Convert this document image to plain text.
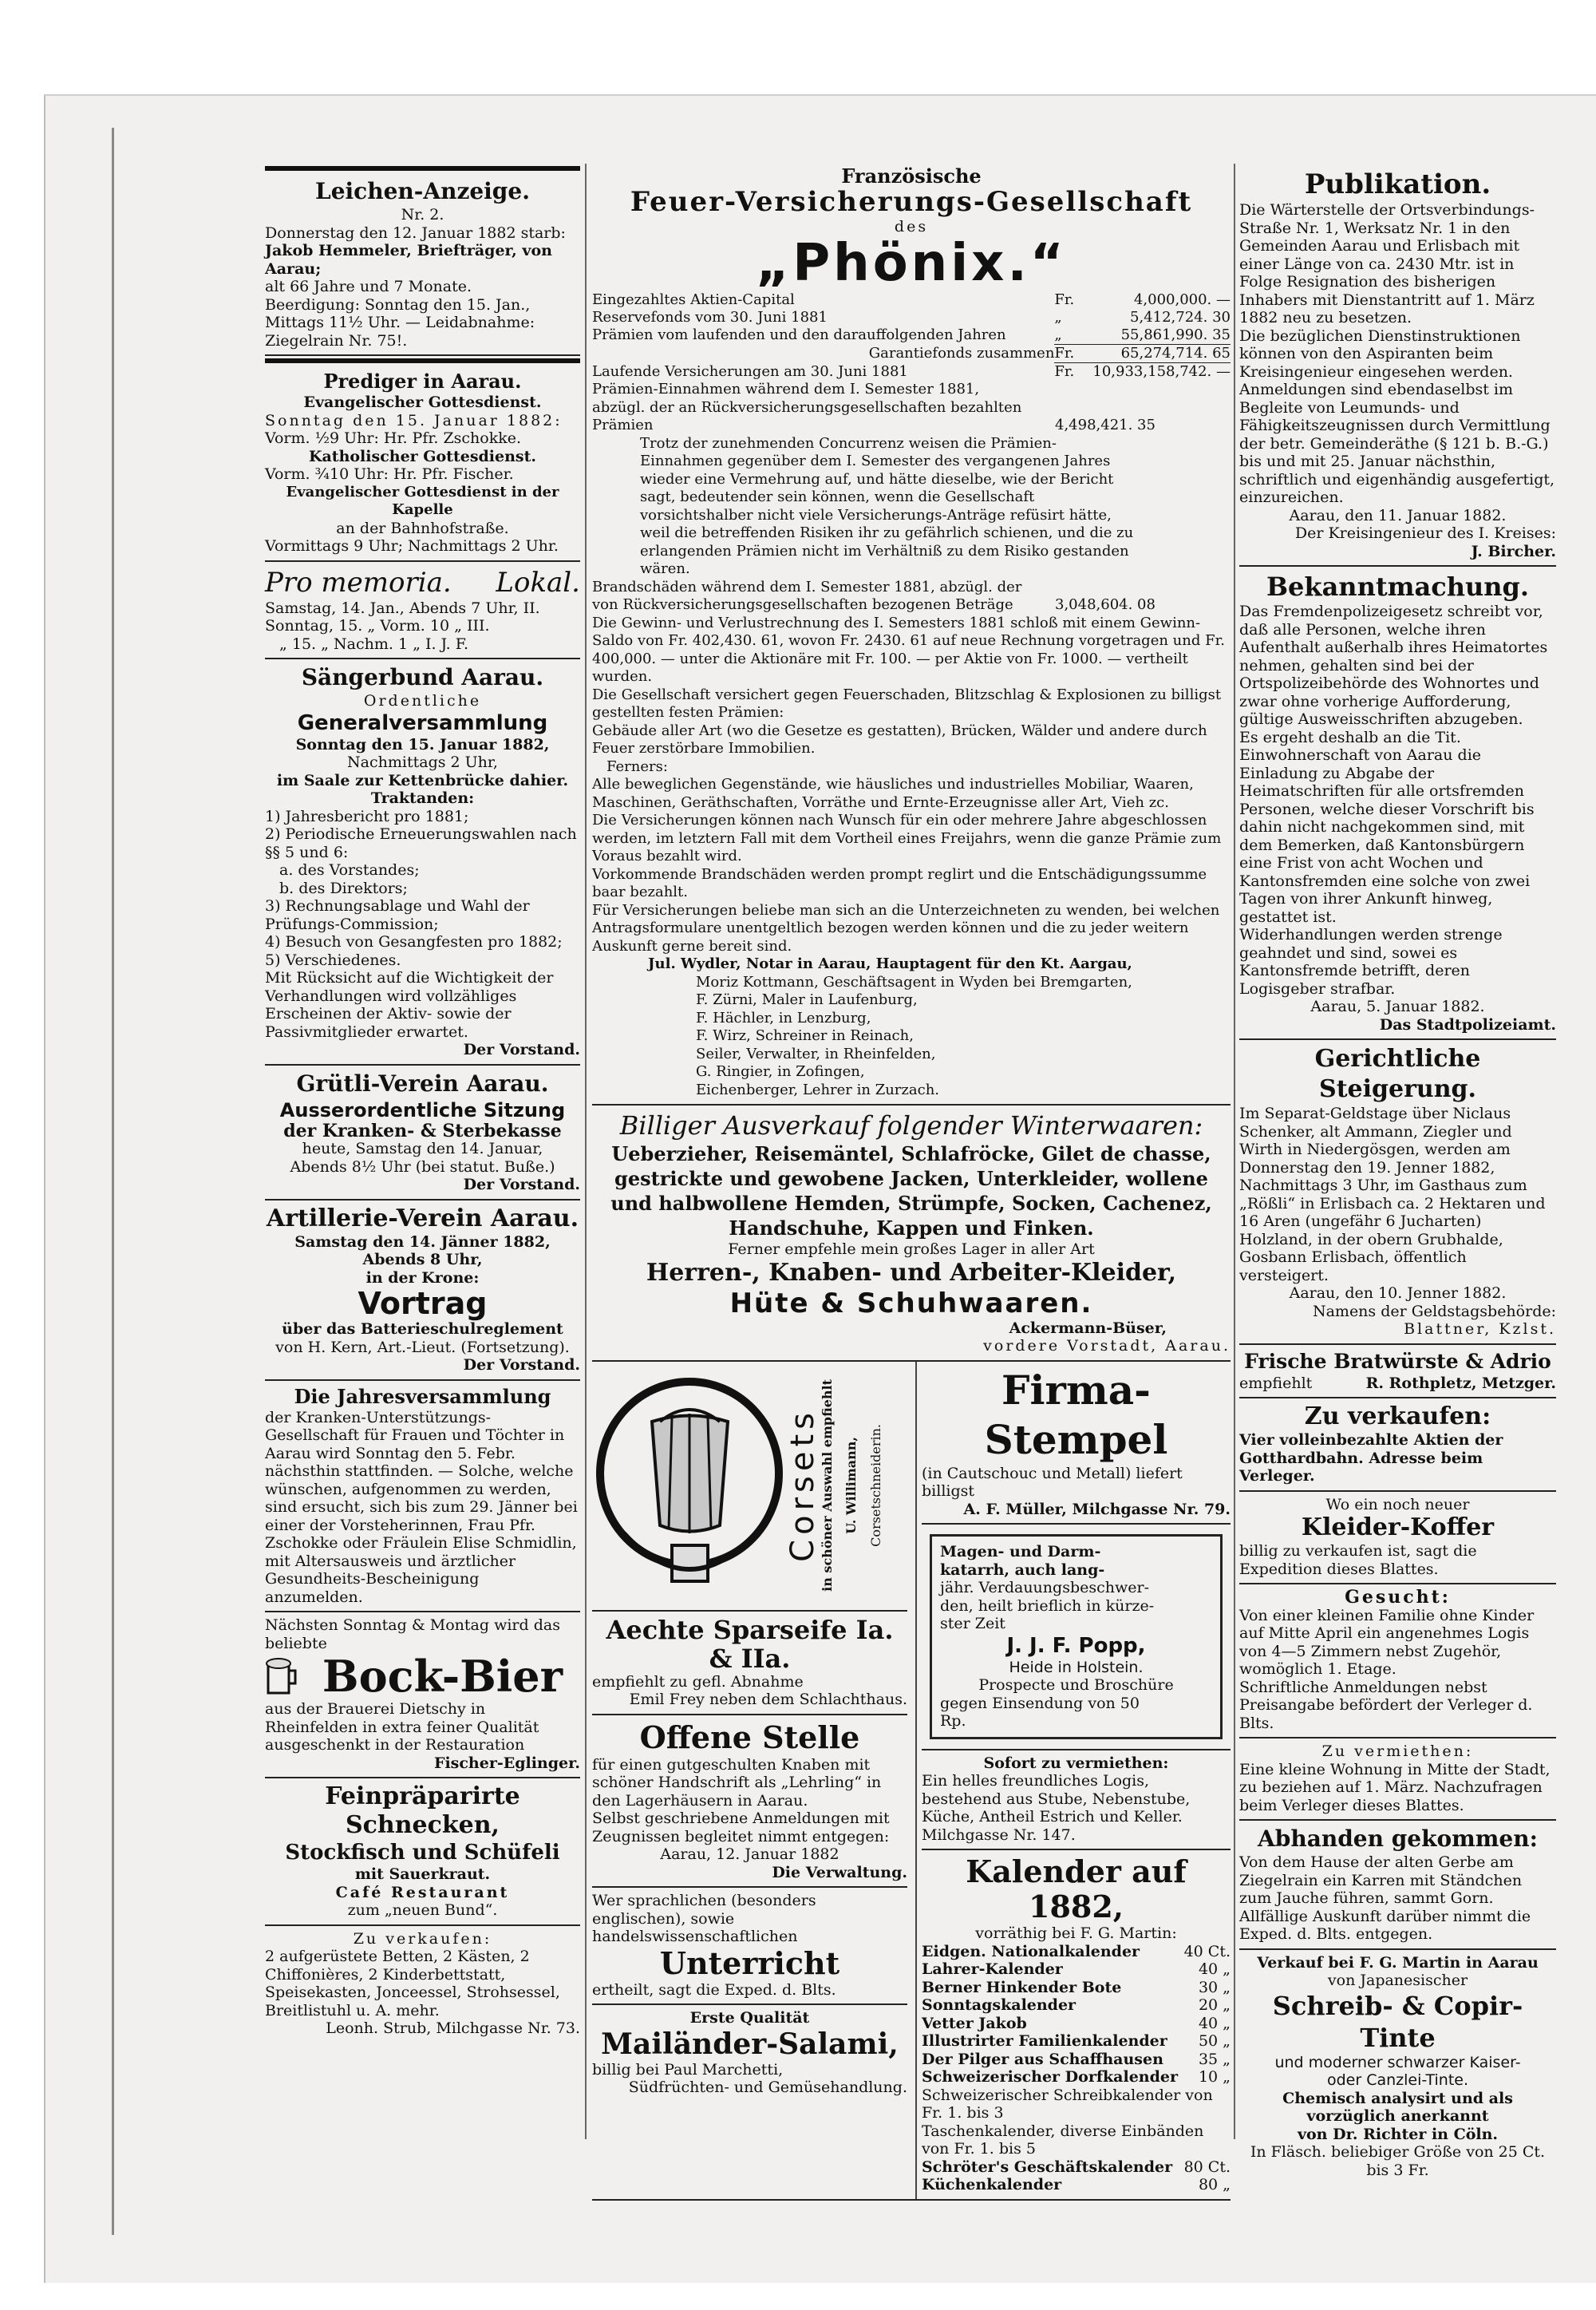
Leichen-Anzeige.
Nr. 2.
Donnerstag den 12. Januar 1882 starb:
Jakob Hemmeler, Briefträger, von Aarau;
alt 66 Jahre und 7 Monate.
Beerdigung: Sonntag den 15. Jan.,
Mittags 11½ Uhr. — Leidabnahme:
Ziegelrain Nr. 75!.
Prediger in Aarau.
Evangelischer Gottesdienst.
Sonntag den 15. Januar 1882:
Vorm. ½9 Uhr: Hr. Pfr. Zschokke.
Katholischer Gottesdienst.
Vorm. ¾10 Uhr: Hr. Pfr. Fischer.
Evangelischer Gottesdienst in der Kapelle
an der Bahnhofstraße.
Vormittags 9 Uhr; Nachmittags 2 Uhr.
Pro memoria. Lokal.
Samstag, 14. Jan., Abends 7 Uhr, II.
Sonntag, 15. „ Vorm. 10 „ III.
„ 15. „ Nachm. 1 „ I. J. F.
Sängerbund Aarau.
Ordentliche
Generalversammlung
Sonntag den 15. Januar 1882,
Nachmittags 2 Uhr,
im Saale zur Kettenbrücke dahier.
Traktanden:
1) Jahresbericht pro 1881;
2) Periodische Erneuerungswahlen nach §§ 5 und 6:
a. des Vorstandes;
b. des Direktors;
3) Rechnungsablage und Wahl der Prüfungs-Commission;
4) Besuch von Gesangfesten pro 1882;
5) Verschiedenes.
Mit Rücksicht auf die Wichtigkeit der Verhandlungen wird vollzähliges Erscheinen der Aktiv- sowie der Passivmitglieder erwartet.
Der Vorstand.
Grütli-Verein Aarau.
Ausserordentliche Sitzung
der Kranken- & Sterbekasse
heute, Samstag den 14. Januar,
Abends 8½ Uhr (bei statut. Buße.)
Der Vorstand.
Artillerie-Verein Aarau.
Samstag den 14. Jänner 1882,
Abends 8 Uhr,
in der Krone:
Vortrag
über das Batterieschulreglement
von H. Kern, Art.-Lieut. (Fortsetzung).
Der Vorstand.
Die Jahresversammlung
der Kranken-Unterstützungs-Gesellschaft für Frauen und Töchter in Aarau wird Sonntag den 5. Febr. nächsthin stattfinden. — Solche, welche wünschen, aufgenommen zu werden, sind ersucht, sich bis zum 29. Jänner bei einer der Vorsteherinnen, Frau Pfr. Zschokke oder Fräulein Elise Schmidlin, mit Altersausweis und ärztlicher Gesundheits-Bescheinigung anzumelden.
Nächsten Sonntag & Montag wird das beliebte
Bock-Bier
aus der Brauerei Dietschy in Rheinfelden in extra feiner Qualität ausgeschenkt in der Restauration
Fischer-Eglinger.
Feinpräparirte Schnecken,
Stockfisch und Schüfeli
mit Sauerkraut.
Café Restaurant
zum „neuen Bund“.
Zu verkaufen:
2 aufgerüstete Betten, 2 Kästen, 2 Chiffonières, 2 Kinderbettstatt, Speisekasten, Jonceessel, Strohsessel, Breitlistuhl u. A. mehr.
Leonh. Strub, Milchgasse Nr. 73.
Französische
Feuer-Versicherungs-Gesellschaft
des
„Phönix.“
Eingezahltes Aktien-Capital	Fr.	4,000,000. —
Reservefonds vom 30. Juni 1881	„	5,412,724. 30
Prämien vom laufenden und den darauffolgenden Jahren	„	55,861,990. 35
Garantiefonds zusammen	Fr.	65,274,714. 65
Laufende Versicherungen am 30. Juni 1881	Fr.	10,933,158,742. —
Prämien-Einnahmen während dem I. Semester 1881, abzügl. der an Rückversicherungsgesellschaften bezahlten Prämien	4,498,421. 35
Trotz der zunehmenden Concurrenz weisen die Prämien-Einnahmen gegenüber dem I. Semester des vergangenen Jahres wieder eine Vermehrung auf, und hätte dieselbe, wie der Bericht sagt, bedeutender sein können, wenn die Gesellschaft vorsichtshalber nicht viele Versicherungs-Anträge refüsirt hätte, weil die betreffenden Risiken ihr zu gefährlich schienen, und die zu erlangenden Prämien nicht im Verhältniß zu dem Risiko gestanden wären.
Brandschäden während dem I. Semester 1881, abzügl. der von Rückversicherungsgesellschaften bezogenen Beträge	3,048,604. 08
Die Gewinn- und Verlustrechnung des I. Semesters 1881 schloß mit einem Gewinn-Saldo von Fr. 402,430. 61, wovon Fr. 2430. 61 auf neue Rechnung vorgetragen und Fr. 400,000. — unter die Aktionäre mit Fr. 100. — per Aktie von Fr. 1000. — vertheilt wurden.
Die Gesellschaft versichert gegen Feuerschaden, Blitzschlag & Explosionen zu billigst gestellten festen Prämien:
Gebäude aller Art (wo die Gesetze es gestatten), Brücken, Wälder und andere durch Feuer zerstörbare Immobilien.
Ferners:
Alle beweglichen Gegenstände, wie häusliches und industrielles Mobiliar, Waaren, Maschinen, Geräthschaften, Vorräthe und Ernte-Erzeugnisse aller Art, Vieh zc.
Die Versicherungen können nach Wunsch für ein oder mehrere Jahre abgeschlossen werden, im letztern Fall mit dem Vortheil eines Freijahrs, wenn die ganze Prämie zum Voraus bezahlt wird.
Vorkommende Brandschäden werden prompt reglirt und die Entschädigungssumme baar bezahlt.
Für Versicherungen beliebe man sich an die Unterzeichneten zu wenden, bei welchen Antragsformulare unentgeltlich bezogen werden können und die zu jeder weitern Auskunft gerne bereit sind.
Jul. Wydler, Notar in Aarau, Hauptagent für den Kt. Aargau,
Moriz Kottmann, Geschäftsagent in Wyden bei Bremgarten,
F. Zürni, Maler in Laufenburg,
F. Hächler, in Lenzburg,
F. Wirz, Schreiner in Reinach,
Seiler, Verwalter, in Rheinfelden,
G. Ringier, in Zofingen,
Eichenberger, Lehrer in Zurzach.
Billiger Ausverkauf folgender Winterwaaren:
Ueberzieher, Reisemäntel, Schlafröcke, Gilet de chasse, gestrickte und gewobene Jacken, Unterkleider, wollene und halbwollene Hemden, Strümpfe, Socken, Cachenez, Handschuhe, Kappen und Finken.
Ferner empfehle mein großes Lager in aller Art
Herren-, Knaben- und Arbeiter-Kleider,
Hüte & Schuhwaaren.
Ackermann-Büser,
vordere Vorstadt, Aarau.
Corsets
in schöner Auswahl empfiehlt U. Willimann, Corsetschneiderin.
Aechte Sparseife Ia. & IIa.
empfiehlt zu gefl. Abnahme
Emil Frey neben dem Schlachthaus.
Offene Stelle
für einen gutgeschulten Knaben mit schöner Handschrift als „Lehrling“ in den Lagerhäusern in Aarau.
Selbst geschriebene Anmeldungen mit Zeugnissen begleitet nimmt entgegen:
Aarau, 12. Januar 1882
Die Verwaltung.
Wer sprachlichen (besonders englischen), sowie handelswissenschaftlichen
Unterricht
ertheilt, sagt die Exped. d. Blts.
Erste Qualität
Mailänder-Salami,
billig bei Paul Marchetti,
Südfrüchten- und Gemüsehandlung.
Firma-Stempel
(in Cautschouc und Metall) liefert billigst
A. F. Müller, Milchgasse Nr. 79.
Magen- und Darm-
katarrh, auch lang-
jähr. Verdauungsbeschwer-
den, heilt brieflich in kürze-
ster Zeit
J. J. F. Popp,
Heide in Holstein.
Prospecte und Broschüre
gegen Einsendung von 50
Rp.
Sofort zu vermiethen:
Ein helles freundliches Logis, bestehend aus Stube, Nebenstube, Küche, Antheil Estrich und Keller. Milchgasse Nr. 147.
Kalender auf 1882,
vorräthig bei F. G. Martin:
Eidgen. Nationalkalender	40 Ct.
Lahrer-Kalender	40 „
Berner Hinkender Bote	30 „
Sonntagskalender	20 „
Vetter Jakob	40 „
Illustrirter Familienkalender 50 „
Der Pilger aus Schaffhausen 35 „
Schweizerischer Dorfkalender 10 „
Schweizerischer Schreibkalender von Fr. 1. bis 3
Taschenkalender, diverse Einbänden von Fr. 1. bis 5
Schröter's Geschäftskalender 80 Ct.
Küchenkalender	80 „
Publikation.
Die Wärterstelle der Ortsverbindungs-Straße Nr. 1, Werksatz Nr. 1 in den Gemeinden Aarau und Erlisbach mit einer Länge von ca. 2430 Mtr. ist in Folge Resignation des bisherigen Inhabers mit Dienstantritt auf 1. März 1882 neu zu besetzen.
Die bezüglichen Dienstinstruktionen können von den Aspiranten beim Kreisingenieur eingesehen werden.
Anmeldungen sind ebendaselbst im Begleite von Leumunds- und Fähigkeitszeugnissen durch Vermittlung der betr. Gemeinderäthe (§ 121 b. B.-G.) bis und mit 25. Januar nächsthin, schriftlich und eigenhändig ausgefertigt, einzureichen.
Aarau, den 11. Januar 1882.
Der Kreisingenieur des I. Kreises:
J. Bircher.
Bekanntmachung.
Das Fremdenpolizeigesetz schreibt vor, daß alle Personen, welche ihren Aufenthalt außerhalb ihres Heimatortes nehmen, gehalten sind bei der Ortspolizeibehörde des Wohnortes und zwar ohne vorherige Aufforderung, gültige Ausweisschriften abzugeben.
Es ergeht deshalb an die Tit. Einwohnerschaft von Aarau die Einladung zu Abgabe der Heimatschriften für alle ortsfremden Personen, welche dieser Vorschrift bis dahin nicht nachgekommen sind, mit dem Bemerken, daß Kantonsbürgern eine Frist von acht Wochen und Kantonsfremden eine solche von zwei Tagen von ihrer Ankunft hinweg, gestattet ist.
Widerhandlungen werden strenge geahndet und sind, sowei es Kantonsfremde betrifft, deren Logisgeber strafbar.
Aarau, 5. Januar 1882.
Das Stadtpolizeiamt.
Gerichtliche Steigerung.
Im Separat-Geldstage über Niclaus Schenker, alt Ammann, Ziegler und Wirth in Niedergösgen, werden am Donnerstag den 19. Jenner 1882, Nachmittags 3 Uhr, im Gasthaus zum „Rößli“ in Erlisbach ca. 2 Hektaren und 16 Aren (ungefähr 6 Jucharten) Holzland, in der obern Grubhalde, Gosbann Erlisbach, öffentlich versteigert.
Aarau, den 10. Jenner 1882.
Namens der Geldstagsbehörde:
Blattner, Kzlst.
Frische Bratwürste & Adrio
empfiehlt	R. Rothpletz, Metzger.
Zu verkaufen:
Vier volleinbezahlte Aktien der Gotthardbahn. Adresse beim Verleger.
Wo ein noch neuer
Kleider-Koffer
billig zu verkaufen ist, sagt die Expedition dieses Blattes.
Gesucht:
Von einer kleinen Familie ohne Kinder auf Mitte April ein angenehmes Logis von 4—5 Zimmern nebst Zugehör, womöglich 1. Etage.
Schriftliche Anmeldungen nebst Preisangabe befördert der Verleger d. Blts.
Zu vermiethen:
Eine kleine Wohnung in Mitte der Stadt, zu beziehen auf 1. März. Nachzufragen beim Verleger dieses Blattes.
Abhanden gekommen:
Von dem Hause der alten Gerbe am Ziegelrain ein Karren mit Ständchen zum Jauche führen, sammt Gorn. Allfällige Auskunft darüber nimmt die Exped. d. Blts. entgegen.
Verkauf bei F. G. Martin in Aarau
von Japanesischer
Schreib- & Copir-Tinte
und moderner schwarzer Kaiser-
oder Canzlei-Tinte.
Chemisch analysirt und als vorzüglich anerkannt
von Dr. Richter in Cöln.
In Fläsch. beliebiger Größe von 25 Ct.
bis 3 Fr.
